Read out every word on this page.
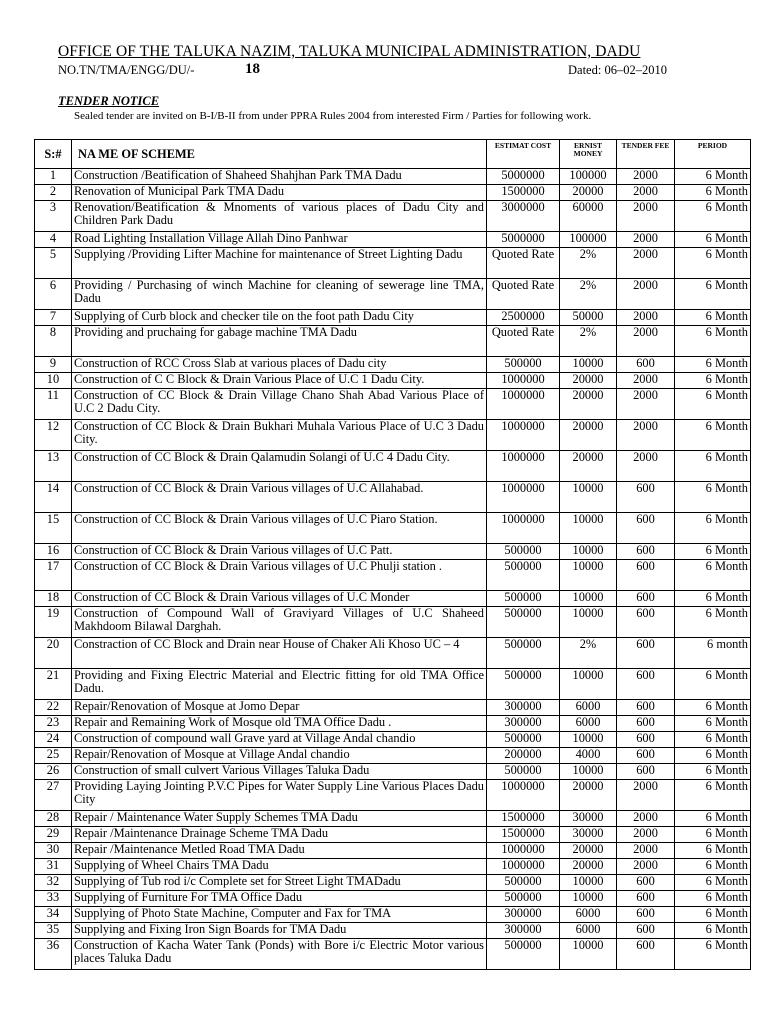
OFFICE OF THE TALUKA NAZIM, TALUKA MUNICIPAL ADMINISTRATION, DADU
NO.TN/TMA/ENGG/DU/-	18	Dated: 06–02–2010
TENDER NOTICE
Sealed tender are invited on B-I/B-II from under PPRA Rules 2004 from interested Firm / Parties for following work.
S:#	NA ME OF SCHEME	ESTIMAT COST	ERNIST MONEY	TENDER FEE	PERIOD
1	Construction /Beatification of Shaheed Shahjhan Park TMA Dadu	5000000	100000	2000	6 Month
2	Renovation of Municipal Park TMA Dadu	1500000	20000	2000	6 Month
3	Renovation/Beatification & Mnoments of various places of Dadu City and Children Park Dadu	3000000	60000	2000	6 Month
4	Road Lighting Installation Village Allah Dino Panhwar	5000000	100000	2000	6 Month
5	Supplying /Providing Lifter Machine for maintenance of Street Lighting Dadu	Quoted Rate	2%	2000	6 Month
6	Providing / Purchasing of winch Machine for cleaning of sewerage line TMA, Dadu	Quoted Rate	2%	2000	6 Month
7	Supplying of Curb block and checker tile on the foot path Dadu City	2500000	50000	2000	6 Month
8	Providing and pruchaing for gabage machine TMA Dadu	Quoted Rate	2%	2000	6 Month
9	Construction of RCC Cross Slab at various places of Dadu city	500000	10000	600	6 Month
10	Construction of C C Block & Drain Various Place of U.C 1 Dadu City.	1000000	20000	2000	6 Month
11	Construction of CC Block & Drain Village Chano Shah Abad Various Place of U.C 2 Dadu City.	1000000	20000	2000	6 Month
12	Construction of CC Block & Drain Bukhari Muhala Various Place of U.C 3 Dadu City.	1000000	20000	2000	6 Month
13	Construction of CC Block & Drain Qalamudin Solangi of U.C 4 Dadu City.	1000000	20000	2000	6 Month
14	Construction of CC Block & Drain Various villages of U.C Allahabad.	1000000	10000	600	6 Month
15	Construction of CC Block & Drain Various villages of U.C Piaro Station.	1000000	10000	600	6 Month
16	Construction of CC Block & Drain Various villages of U.C Patt.	500000	10000	600	6 Month
17	Construction of CC Block & Drain Various villages of U.C Phulji station .	500000	10000	600	6 Month
18	Construction of CC Block & Drain Various villages of U.C Monder	500000	10000	600	6 Month
19	Construction of Compound Wall of Graviyard Villages of U.C Shaheed Makhdoom Bilawal Darghah.	500000	10000	600	6 Month
20	Constraction of CC Block and Drain near House of Chaker Ali Khoso UC – 4	500000	2%	600	6 month
21	Providing and Fixing Electric Material and Electric fitting for old TMA Office Dadu.	500000	10000	600	6 Month
22	Repair/Renovation of Mosque at Jomo Depar	300000	6000	600	6 Month
23	Repair and Remaining Work of Mosque old TMA Office Dadu .	300000	6000	600	6 Month
24	Construction of compound wall Grave yard at Village Andal chandio	500000	10000	600	6 Month
25	Repair/Renovation of Mosque at Village Andal chandio	200000	4000	600	6 Month
26	Construction of small culvert Various Villages Taluka Dadu	500000	10000	600	6 Month
27	Providing Laying Jointing P.V.C Pipes for Water Supply Line Various Places Dadu City	1000000	20000	2000	6 Month
28	Repair / Maintenance Water Supply Schemes TMA Dadu	1500000	30000	2000	6 Month
29	Repair /Maintenance Drainage Scheme TMA Dadu	1500000	30000	2000	6 Month
30	Repair /Maintenance Metled Road TMA Dadu	1000000	20000	2000	6 Month
31	Supplying of Wheel Chairs TMA Dadu	1000000	20000	2000	6 Month
32	Supplying of Tub rod i/c Complete set for Street Light TMADadu	500000	10000	600	6 Month
33	Supplying of Furniture For TMA Office Dadu	500000	10000	600	6 Month
34	Supplying of Photo State Machine, Computer and Fax for TMA	300000	6000	600	6 Month
35	Supplying and Fixing Iron Sign Boards for TMA Dadu	300000	6000	600	6 Month
36	Construction of Kacha Water Tank (Ponds) with Bore i/c Electric Motor various places Taluka Dadu	500000	10000	600	6 Month
